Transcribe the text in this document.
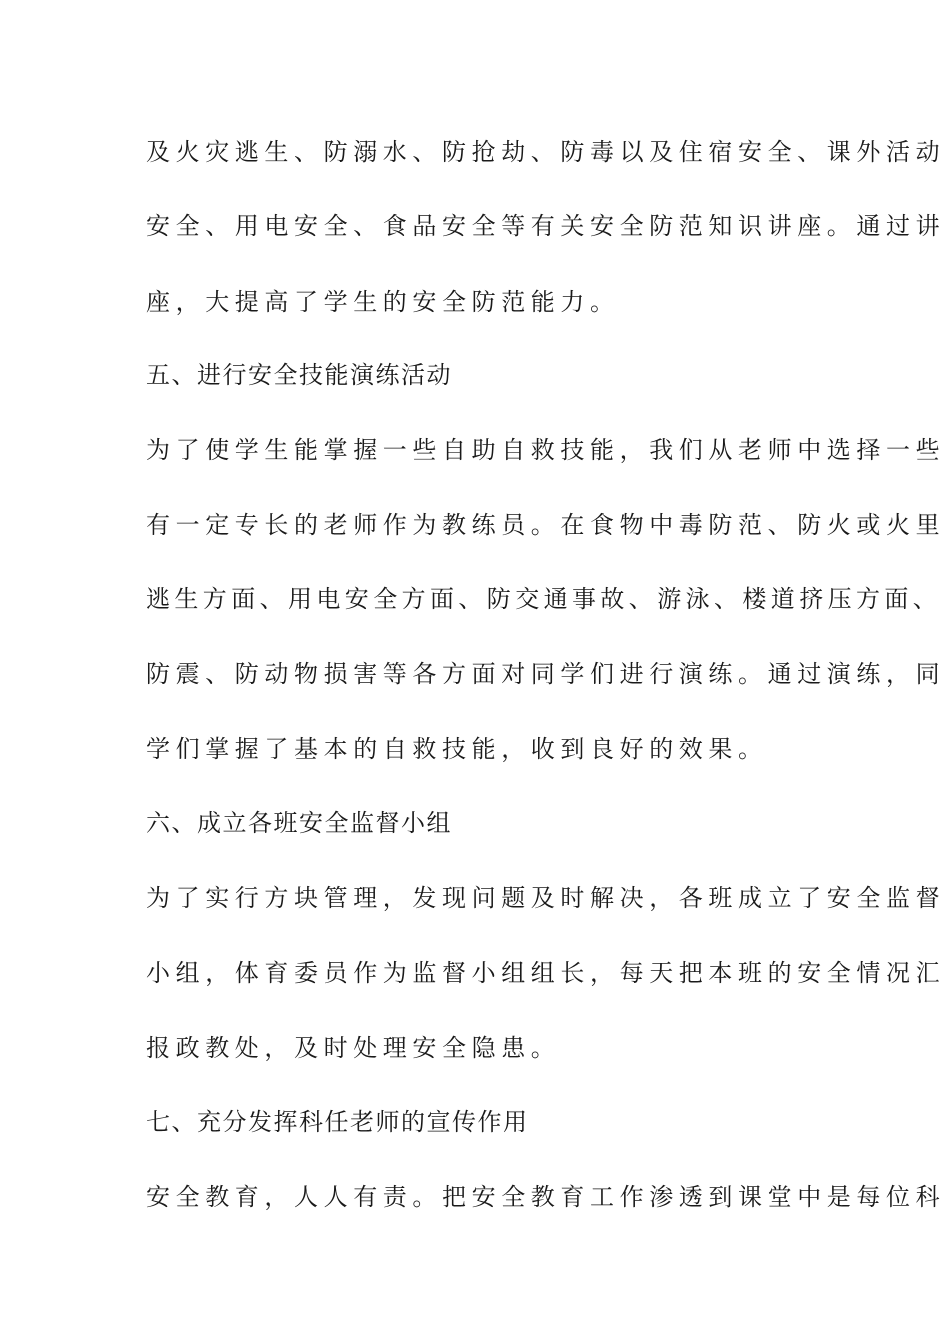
及火灾逃生、防溺水、防抢劫、防毒以及住宿安全、课外活动
安全、用电安全、食品安全等有关安全防范知识讲座。通过讲
座，大提高了学生的安全防范能力。
五、进行安全技能演练活动
为了使学生能掌握一些自助自救技能，我们从老师中选择一些
有一定专长的老师作为教练员。在食物中毒防范、防火或火里
逃生方面、用电安全方面、防交通事故、游泳、楼道挤压方面、
防震、防动物损害等各方面对同学们进行演练。通过演练，同
学们掌握了基本的自救技能，收到良好的效果。
六、成立各班安全监督小组
为了实行方块管理，发现问题及时解决，各班成立了安全监督
小组，体育委员作为监督小组组长，每天把本班的安全情况汇
报政教处，及时处理安全隐患。
七、充分发挥科任老师的宣传作用
安全教育，人人有责。把安全教育工作渗透到课堂中是每位科
